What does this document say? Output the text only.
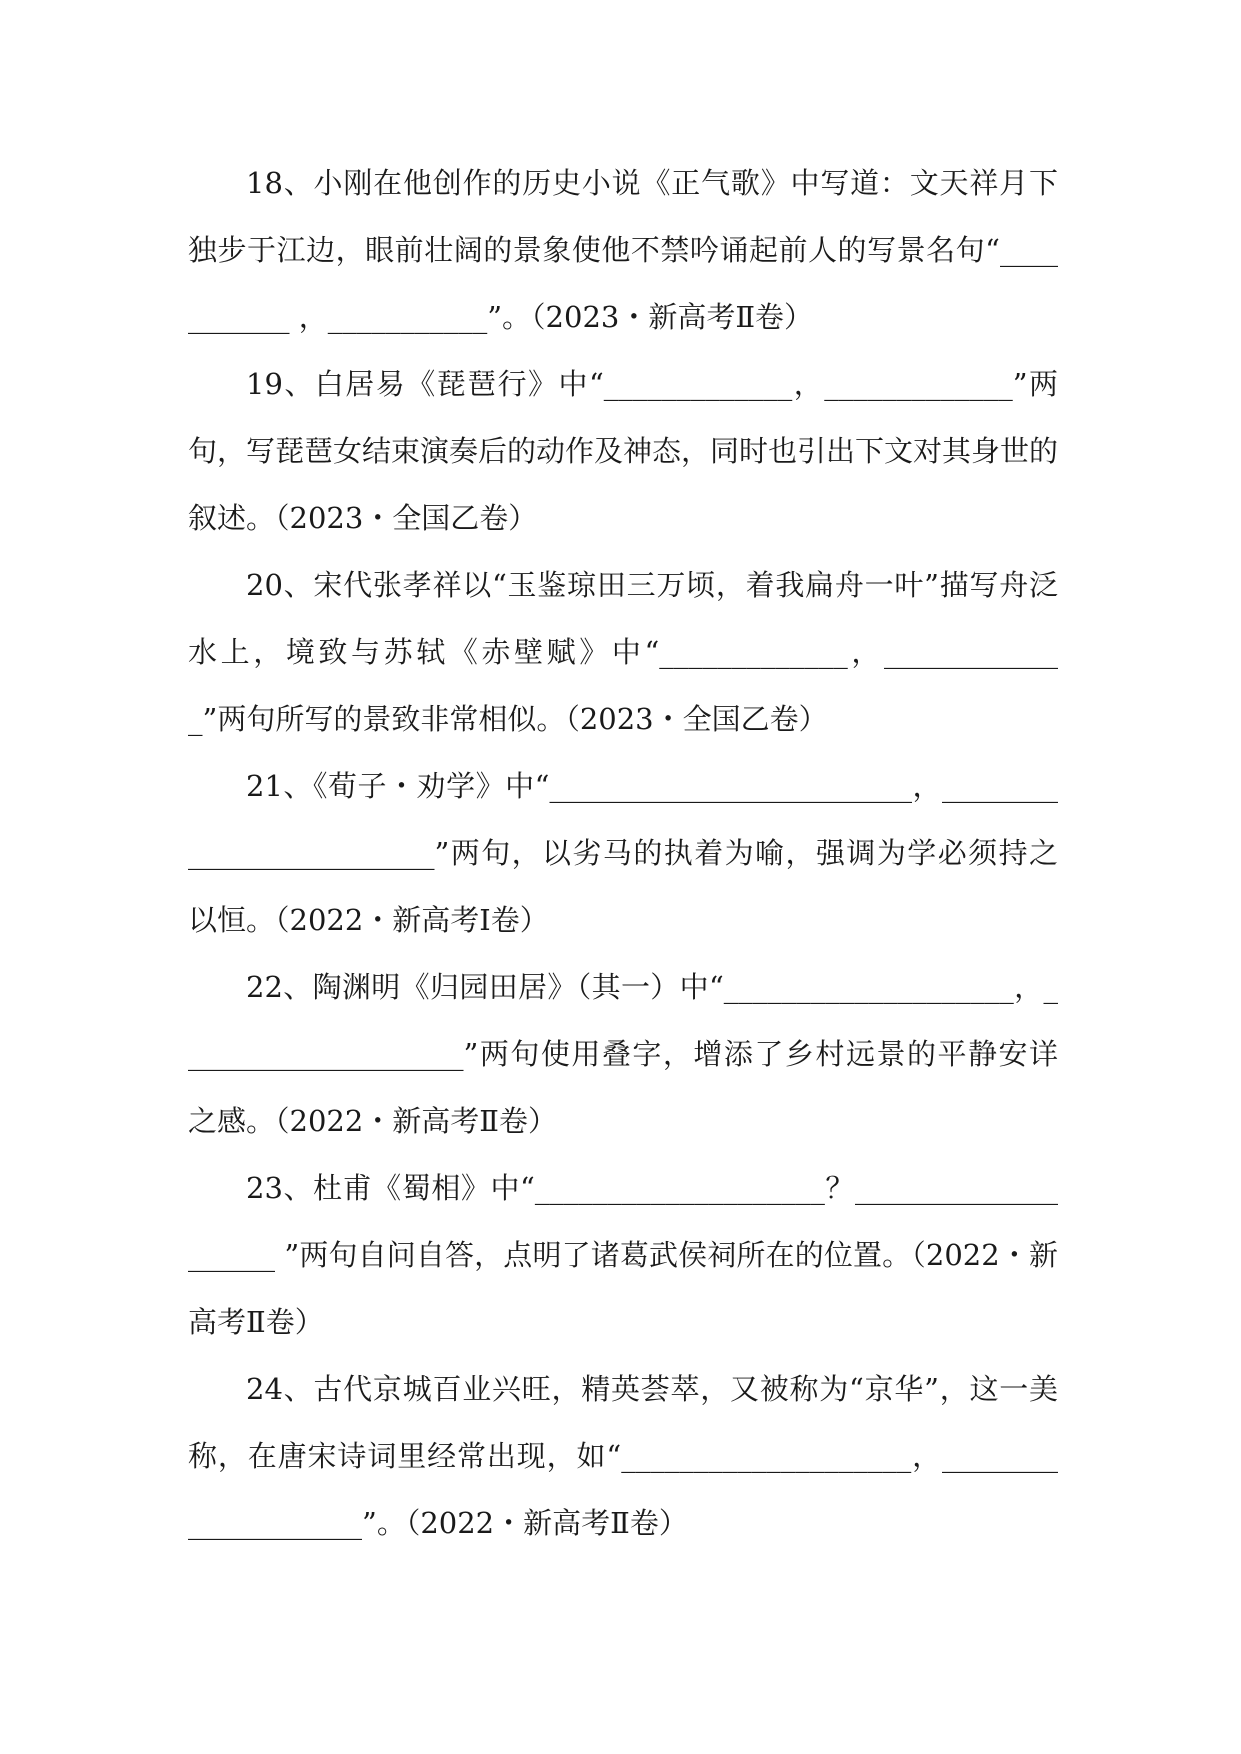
18、小刚在他创作的历史小说《正气歌》中写道：文天祥月下独步于江边，眼前壮阔的景象使他不禁吟诵起前人的写景名句“___________ ，___________”。（2023・新高考Ⅱ卷）

19、白居易《琵琶行》中“_____________，_____________”两句，写琵琶女结束演奏后的动作及神态，同时也引出下文对其身世的叙述。（2023・全国乙卷）

20、宋代张孝祥以“玉鉴琼田三万顷，着我扁舟一叶”描写舟泛水上，境致与苏轼《赤壁赋》中“_____________，_____________”两句所写的景致非常相似。（2023・全国乙卷）

21、《荀子・劝学》中“_________________________，_________________________”两句，以劣马的执着为喻，强调为学必须持之以恒。（2022・新高考Ⅰ卷）

22、陶渊明《归园田居》（其一）中“____________________，____________________”两句使用叠字，增添了乡村远景的平静安详之感。（2022・新高考Ⅱ卷）

23、杜甫《蜀相》中“____________________？____________________ ”两句自问自答，点明了诸葛武侯祠所在的位置。（2022・新高考Ⅱ卷）

24、古代京城百业兴旺，精英荟萃，又被称为“京华”，这一美称，在唐宋诗词里经常出现，如“____________________，____________________”。（2022・新高考Ⅱ卷）
